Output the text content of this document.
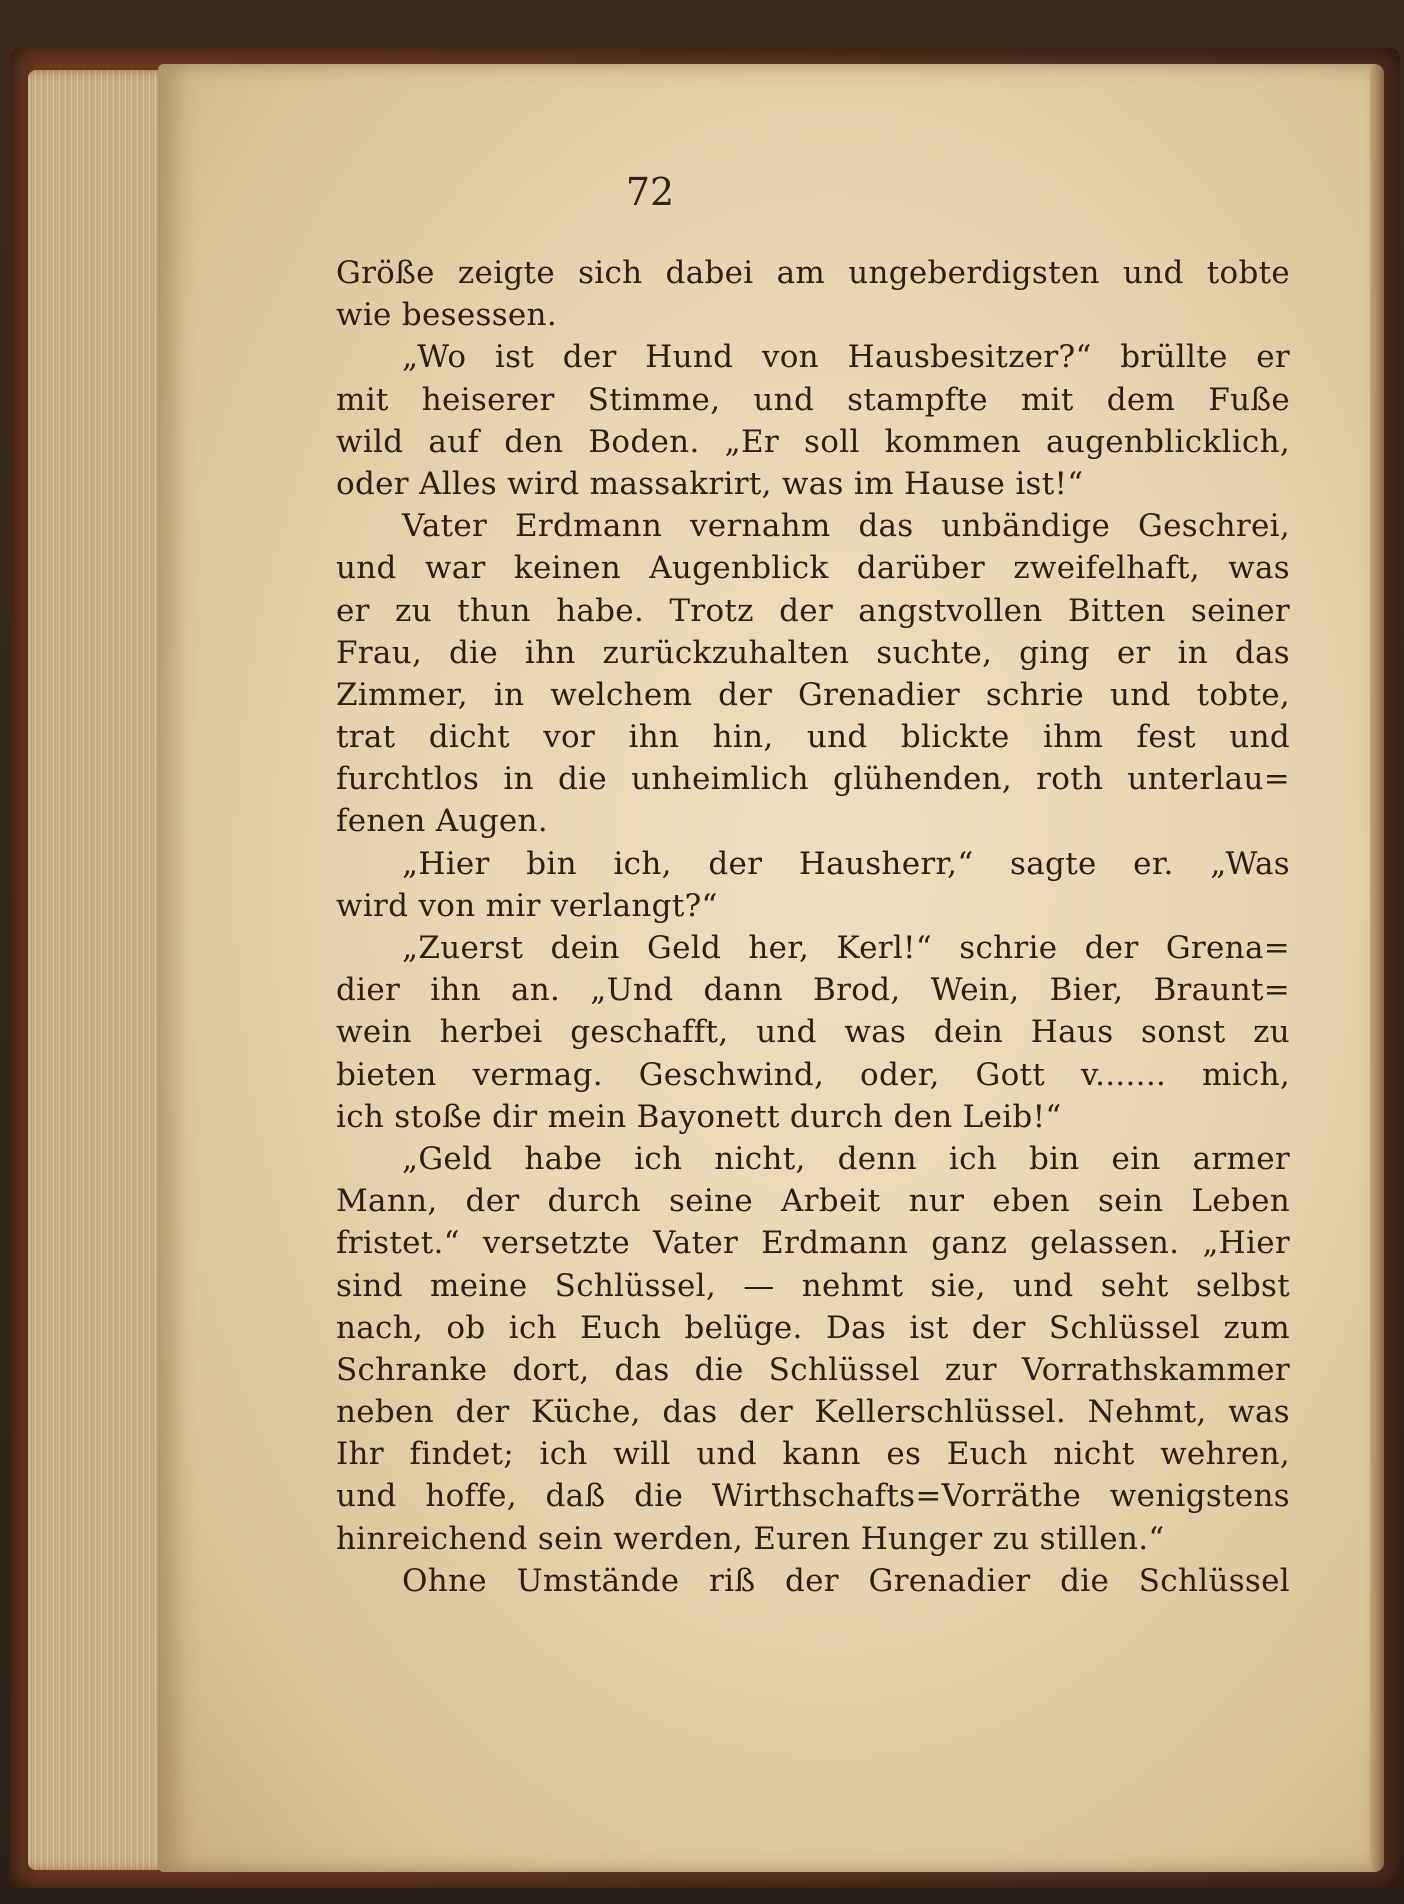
72
Größe zeigte sich dabei am ungeberdigsten und tobte
wie besessen.
„Wo ist der Hund von Hausbesitzer?“ brüllte er
mit heiserer Stimme, und stampfte mit dem Fuße
wild auf den Boden. „Er soll kommen augenblicklich,
oder Alles wird massakrirt, was im Hause ist!“
Vater Erdmann vernahm das unbändige Geschrei,
und war keinen Augenblick darüber zweifelhaft, was
er zu thun habe. Trotz der angstvollen Bitten seiner
Frau, die ihn zurückzuhalten suchte, ging er in das
Zimmer, in welchem der Grenadier schrie und tobte,
trat dicht vor ihn hin, und blickte ihm fest und
furchtlos in die unheimlich glühenden, roth unterlau=
fenen Augen.
„Hier bin ich, der Hausherr,“ sagte er. „Was
wird von mir verlangt?“
„Zuerst dein Geld her, Kerl!“ schrie der Grena=
dier ihn an. „Und dann Brod, Wein, Bier, Braunt=
wein herbei geschafft, und was dein Haus sonst zu
bieten vermag. Geschwind, oder, Gott v....... mich,
ich stoße dir mein Bayonett durch den Leib!“
„Geld habe ich nicht, denn ich bin ein armer
Mann, der durch seine Arbeit nur eben sein Leben
fristet.“ versetzte Vater Erdmann ganz gelassen. „Hier
sind meine Schlüssel, — nehmt sie, und seht selbst
nach, ob ich Euch belüge. Das ist der Schlüssel zum
Schranke dort, das die Schlüssel zur Vorrathskammer
neben der Küche, das der Kellerschlüssel. Nehmt, was
Ihr findet; ich will und kann es Euch nicht wehren,
und hoffe, daß die Wirthschafts=Vorräthe wenigstens
hinreichend sein werden, Euren Hunger zu stillen.“
Ohne Umstände riß der Grenadier die Schlüssel
